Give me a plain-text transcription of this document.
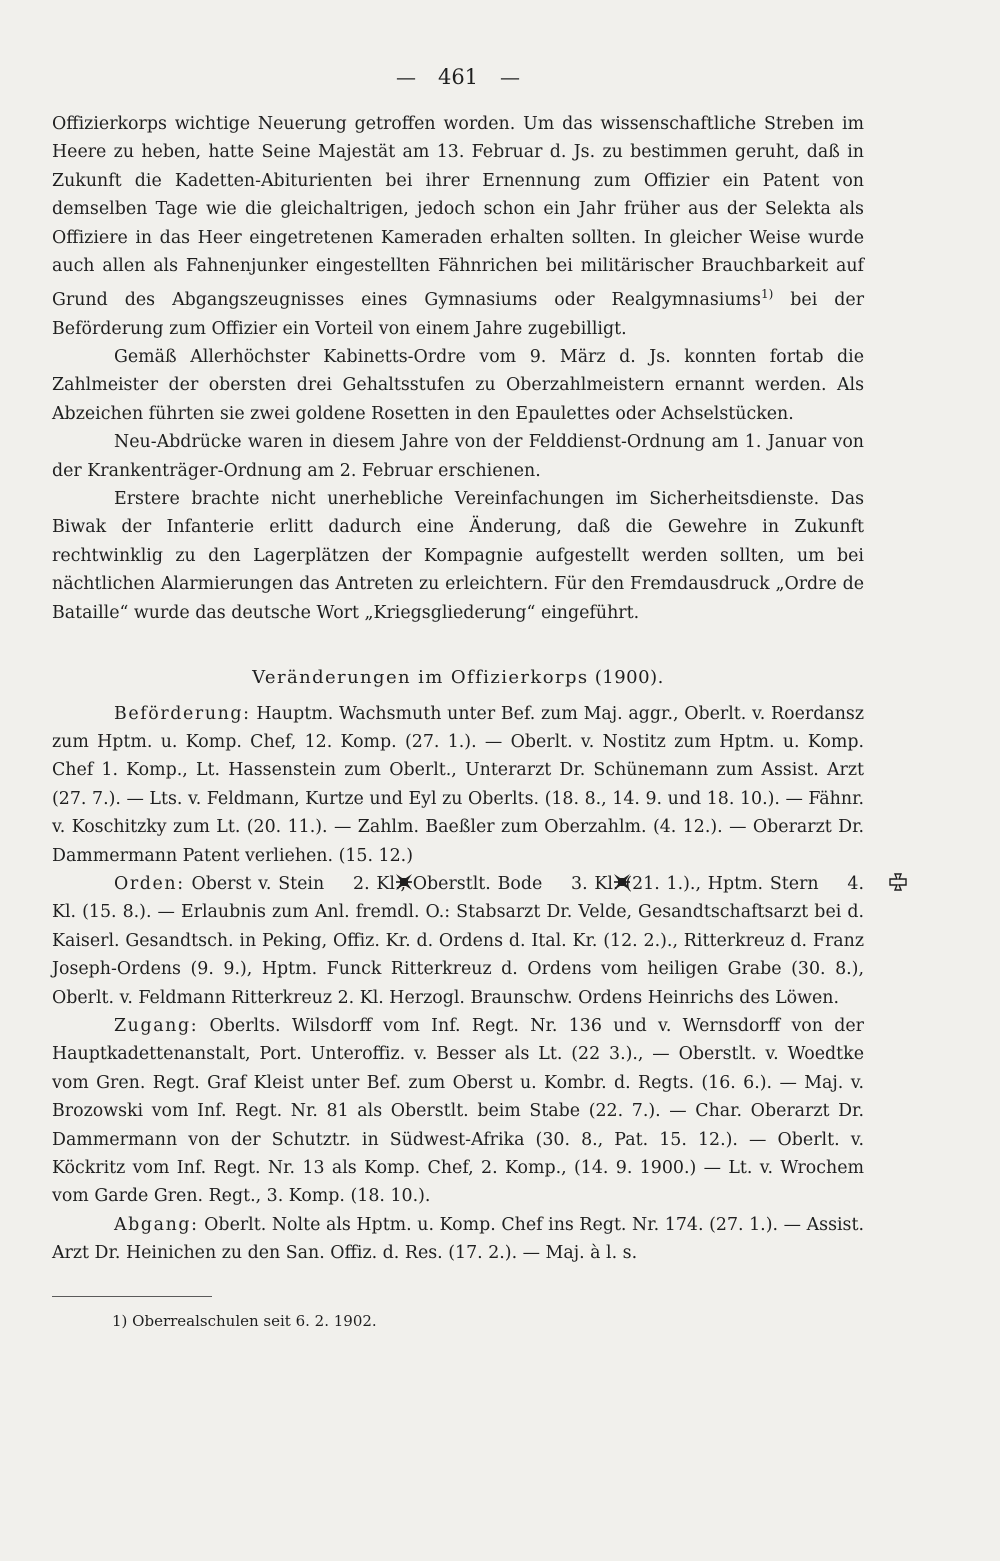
— 461 —

Offizierkorps wichtige Neuerung getroffen worden. Um das wissenschaftliche Streben im Heere zu heben, hatte Seine Majestät am 13. Februar d. Js. zu bestimmen geruht, daß in Zukunft die Kadetten-Abiturienten bei ihrer Ernennung zum Offizier ein Patent von demselben Tage wie die gleichaltrigen, jedoch schon ein Jahr früher aus der Selekta als Offiziere in das Heer eingetretenen Kameraden erhalten sollten. In gleicher Weise wurde auch allen als Fahnenjunker eingestellten Fähnrichen bei militärischer Brauchbarkeit auf Grund des Abgangszeugnisses eines Gymnasiums oder Realgymnasiums$^{1)}$ bei der Beförderung zum Offizier ein Vorteil von einem Jahre zugebilligt.

Gemäß Allerhöchster Kabinetts-Ordre vom 9. März d. Js. konnten fortab die Zahlmeister der obersten drei Gehaltsstufen zu Oberzahlmeistern ernannt werden. Als Abzeichen führten sie zwei goldene Rosetten in den Epaulettes oder Achselstücken.

Neu-Abdrücke waren in diesem Jahre von der Felddienst-Ordnung am 1. Januar von der Krankenträger-Ordnung am 2. Februar erschienen.

Erstere brachte nicht unerhebliche Vereinfachungen im Sicherheitsdienste. Das Biwak der Infanterie erlitt dadurch eine Änderung, daß die Gewehre in Zukunft rechtwinklig zu den Lagerplätzen der Kompagnie aufgestellt werden sollten, um bei nächtlichen Alarmierungen das Antreten zu erleichtern. Für den Fremdausdruck „Ordre de Bataille“ wurde das deutsche Wort „Kriegsgliederung“ eingeführt.

Veränderungen im Offizierkorps (1900).

Beförderung: Hauptm. Wachsmuth unter Bef. zum Maj. aggr., Oberlt. v. Roerdansz zum Hptm. u. Komp. Chef, 12. Komp. (27. 1.). — Oberlt. v. Nostitz zum Hptm. u. Komp. Chef 1. Komp., Lt. Hassenstein zum Oberlt., Unterarzt Dr. Schünemann zum Assist. Arzt (27. 7.). — Lts. v. Feldmann, Kurtze und Eyl zu Oberlts. (18. 8., 14. 9. und 18. 10.). — Fähnr. v. Koschitzky zum Lt. (20. 11.). — Zahlm. Baeßler zum Oberzahlm. (4. 12.). — Oberarzt Dr. Dammermann Patent verliehen. (15. 12.)

Orden: Oberst v. Stein 2. Kl., Oberstlt. Bode 3. Kl. (21. 1.)., Hptm. Stern 4. Kl. (15. 8.). — Erlaubnis zum Anl. fremdl. O.: Stabsarzt Dr. Velde, Gesandtschaftsarzt bei d. Kaiserl. Gesandtsch. in Peking, Offiz. Kr. d. Ordens d. Ital. Kr. (12. 2.)., Ritterkreuz d. Franz Joseph-Ordens (9. 9.), Hptm. Funck Ritterkreuz d. Ordens vom heiligen Grabe (30. 8.), Oberlt. v. Feldmann Ritterkreuz 2. Kl. Herzogl. Braunschw. Ordens Heinrichs des Löwen.

Zugang: Oberlts. Wilsdorff vom Inf. Regt. Nr. 136 und v. Wernsdorff von der Hauptkadettenanstalt, Port. Unteroffiz. v. Besser als Lt. (22 3.)., — Oberstlt. v. Woedtke vom Gren. Regt. Graf Kleist unter Bef. zum Oberst u. Kombr. d. Regts. (16. 6.). — Maj. v. Brozowski vom Inf. Regt. Nr. 81 als Oberstlt. beim Stabe (22. 7.). — Char. Oberarzt Dr. Dammermann von der Schutztr. in Südwest-Afrika (30. 8., Pat. 15. 12.). — Oberlt. v. Köckritz vom Inf. Regt. Nr. 13 als Komp. Chef, 2. Komp., (14. 9. 1900.) — Lt. v. Wrochem vom Garde Gren. Regt., 3. Komp. (18. 10.).

Abgang: Oberlt. Nolte als Hptm. u. Komp. Chef ins Regt. Nr. 174. (27. 1.). — Assist. Arzt Dr. Heinichen zu den San. Offiz. d. Res. (17. 2.). — Maj. à l. s.

1) Oberrealschulen seit 6. 2. 1902.
